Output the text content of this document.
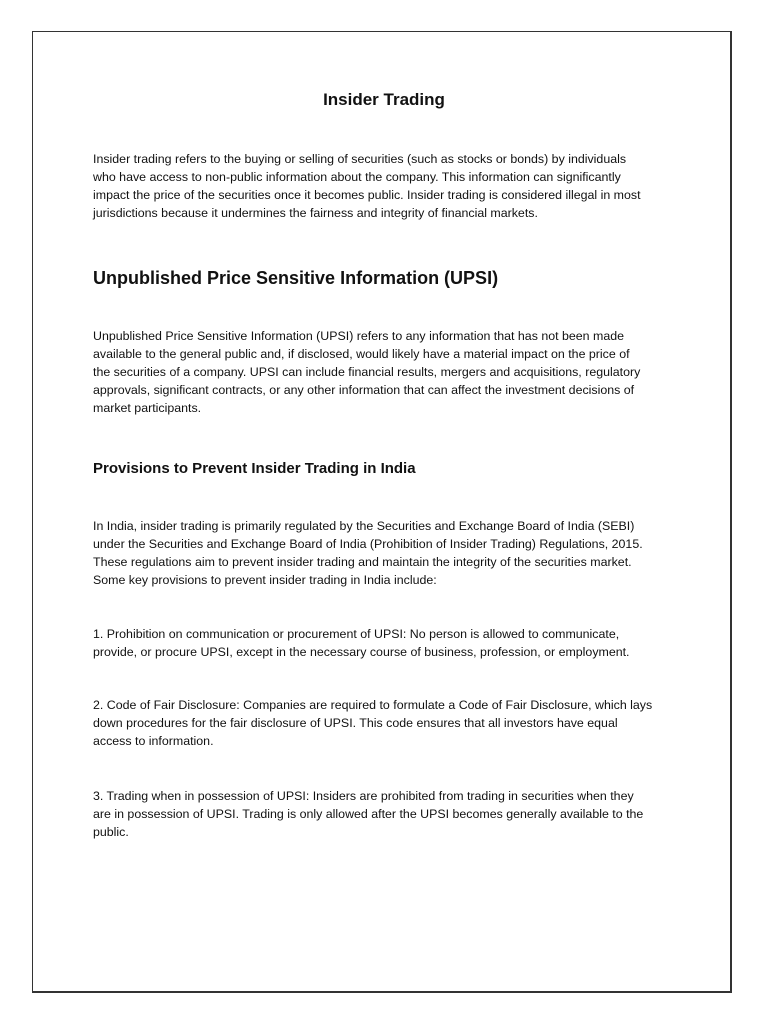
Insider Trading

Insider trading refers to the buying or selling of securities (such as stocks or bonds) by individuals
who have access to non-public information about the company. This information can significantly
impact the price of the securities once it becomes public. Insider trading is considered illegal in most
jurisdictions because it undermines the fairness and integrity of financial markets.

Unpublished Price Sensitive Information (UPSI)

Unpublished Price Sensitive Information (UPSI) refers to any information that has not been made
available to the general public and, if disclosed, would likely have a material impact on the price of
the securities of a company. UPSI can include financial results, mergers and acquisitions, regulatory
approvals, significant contracts, or any other information that can affect the investment decisions of
market participants.

Provisions to Prevent Insider Trading in India

In India, insider trading is primarily regulated by the Securities and Exchange Board of India (SEBI)
under the Securities and Exchange Board of India (Prohibition of Insider Trading) Regulations, 2015.
These regulations aim to prevent insider trading and maintain the integrity of the securities market.
Some key provisions to prevent insider trading in India include:

1. Prohibition on communication or procurement of UPSI: No person is allowed to communicate,
provide, or procure UPSI, except in the necessary course of business, profession, or employment.

2. Code of Fair Disclosure: Companies are required to formulate a Code of Fair Disclosure, which lays
down procedures for the fair disclosure of UPSI. This code ensures that all investors have equal
access to information.

3. Trading when in possession of UPSI: Insiders are prohibited from trading in securities when they
are in possession of UPSI. Trading is only allowed after the UPSI becomes generally available to the
public.
